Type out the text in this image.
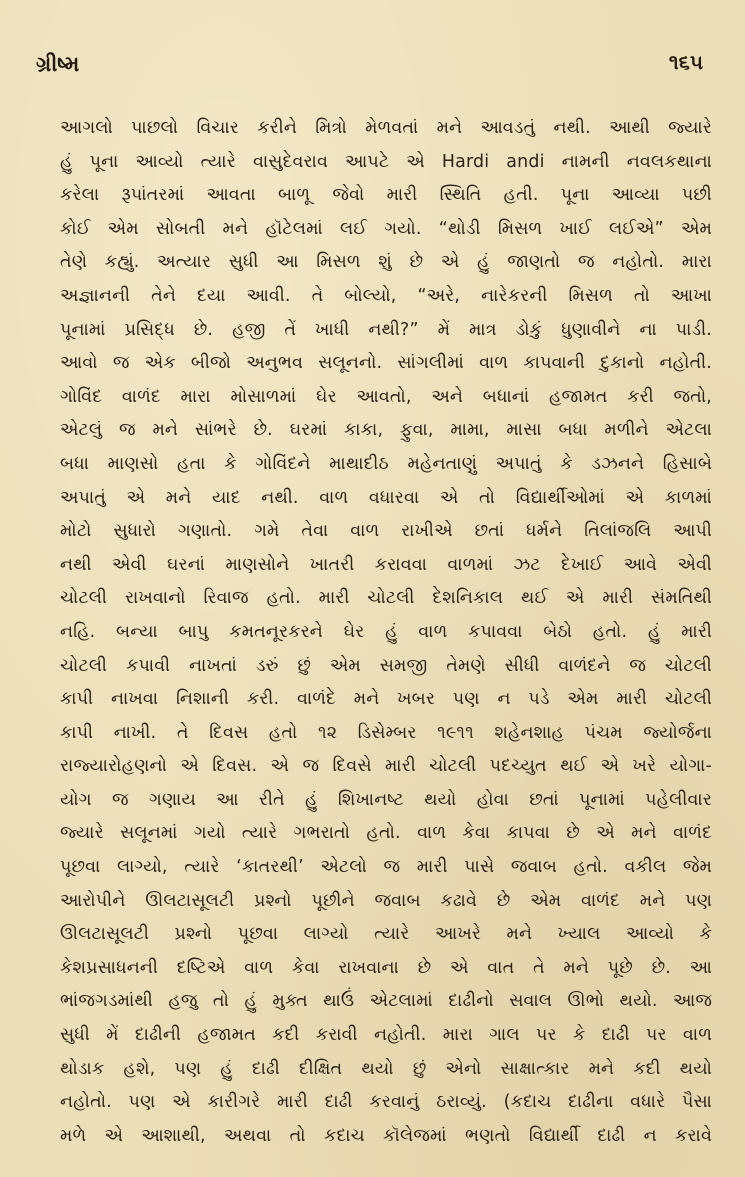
ગ્રીષ્મ	૧૬૫
આગલો પાછલો વિચાર કરીને મિત્રો મેળવતાં મને આવડતું નથી. આથી જ્યારે
હું પૂના આવ્યો ત્યારે વાસુદેવરાવ આપટે એ Hardi andi નામની નવલકથાના
કરેલા રૂપાંતરમાં આવતા બાળૂ જેવો મારી સ્થિતિ હતી. પૂના આવ્યા પછી
કોઈ એમ સોબતી મને હૉટેલમાં લઈ ગયો. “થોડી મિસળ ખાઈ લઈએ” એમ
તેણે કહ્યું. અત્યાર સુધી આ મિસળ શું છે એ હું જાણતો જ નહોતો. મારા
અજ્ઞાનની તેને દયા આવી. તે બોલ્યો, “અરે, નારેકરની મિસળ તો આખા
પૂનામાં પ્રસિદ્ધ છે. હજી તેં ખાધી નથી?” મેં માત્ર ડોકું ધુણાવીને ના પાડી.
આવો જ એક બીજો અનુભવ સલૂનનો. સાંગલીમાં વાળ કાપવાની દુકાનો નહોતી.
ગોવિંદ વાળંદ મારા મોસાળમાં ઘેર આવતો, અને બધાનાં હજામત કરી જતો,
એટલું જ મને સાંભરે છે. ઘરમાં કાકા, ફુવા, મામા, માસા બધા મળીને એટલા
બધા માણસો હતા કે ગોવિંદને માથાદીઠ મહેનતાણું અપાતું કે ડઝનને હિસાબે
અપાતું એ મને યાદ નથી. વાળ વધારવા એ તો વિદ્યાર્થીઓમાં એ કાળમાં
મોટો સુધારો ગણાતો. ગમે તેવા વાળ રાખીએ છતાં ધર્મને તિલાંજલિ આપી
નથી એવી ઘરનાં માણસોને ખાતરી કરાવવા વાળમાં ઝટ દેખાઈ આવે એવી
ચોટલી રાખવાનો રિવાજ હતો. મારી ચોટલી દેશનિકાલ થઈ એ મારી સંમતિથી
નહિ. બન્યા બાપુ કમતનૂરકરને ઘેર હું વાળ કપાવવા બેઠો હતો. હું મારી
ચોટલી કપાવી નાખતાં ડરું છું એમ સમજી તેમણે સીધી વાળંદને જ ચોટલી
કાપી નાખવા નિશાની કરી. વાળંદે મને ખબર પણ ન પડે એમ મારી ચોટલી
કાપી નાખી. તે દિવસ હતો ૧૨ ડિસેમ્બર ૧૯૧૧ શહેનશાહ પંચમ જ્યોર્જના
રાજ્યારોહણનો એ દિવસ. એ જ દિવસે મારી ચોટલી પદચ્યુત થઈ એ ખરે યોગા-
યોગ જ ગણાય આ રીતે હું શિખાનષ્ટ થયો હોવા છતાં પૂનામાં પહેલીવાર
જ્યારે સલૂનમાં ગયો ત્યારે ગભરાતો હતો. વાળ કેવા કાપવા છે એ મને વાળંદ
પૂછવા લાગ્યો, ત્યારે ‘કાતરથી’ એટલો જ મારી પાસે જવાબ હતો. વકીલ જેમ
આરોપીને ઊલટાસૂલટી પ્રશ્નો પૂછીને જવાબ કઢાવે છે એમ વાળંદ મને પણ
ઊલટાસૂલટી પ્રશ્નો પૂછવા લાગ્યો ત્યારે આખરે મને ખ્યાલ આવ્યો કે
કેશપ્રસાધનની દષ્ટિએ વાળ કેવા રાખવાના છે એ વાત તે મને પૂછે છે. આ
ભાંજગડમાંથી હજુ તો હું મુક્ત થાઉં એટલામાં દાઢીનો સવાલ ઊભો થયો. આજ
સુધી મેં દાઢીની હજામત કદી કરાવી નહોતી. મારા ગાલ પર કે દાઢી પર વાળ
થોડાક હશે, પણ હું દાઢી દીક્ષિત થયો છું એનો સાક્ષાત્કાર મને કદી થયો
નહોતો. પણ એ કારીગરે મારી દાઢી કરવાનું ઠરાવ્યું. (કદાચ દાઢીના વધારે પૈસા
મળે એ આશાથી, અથવા તો કદાચ કૉલેજમાં ભણતો વિદ્યાર્થી દાઢી ન કરાવે
